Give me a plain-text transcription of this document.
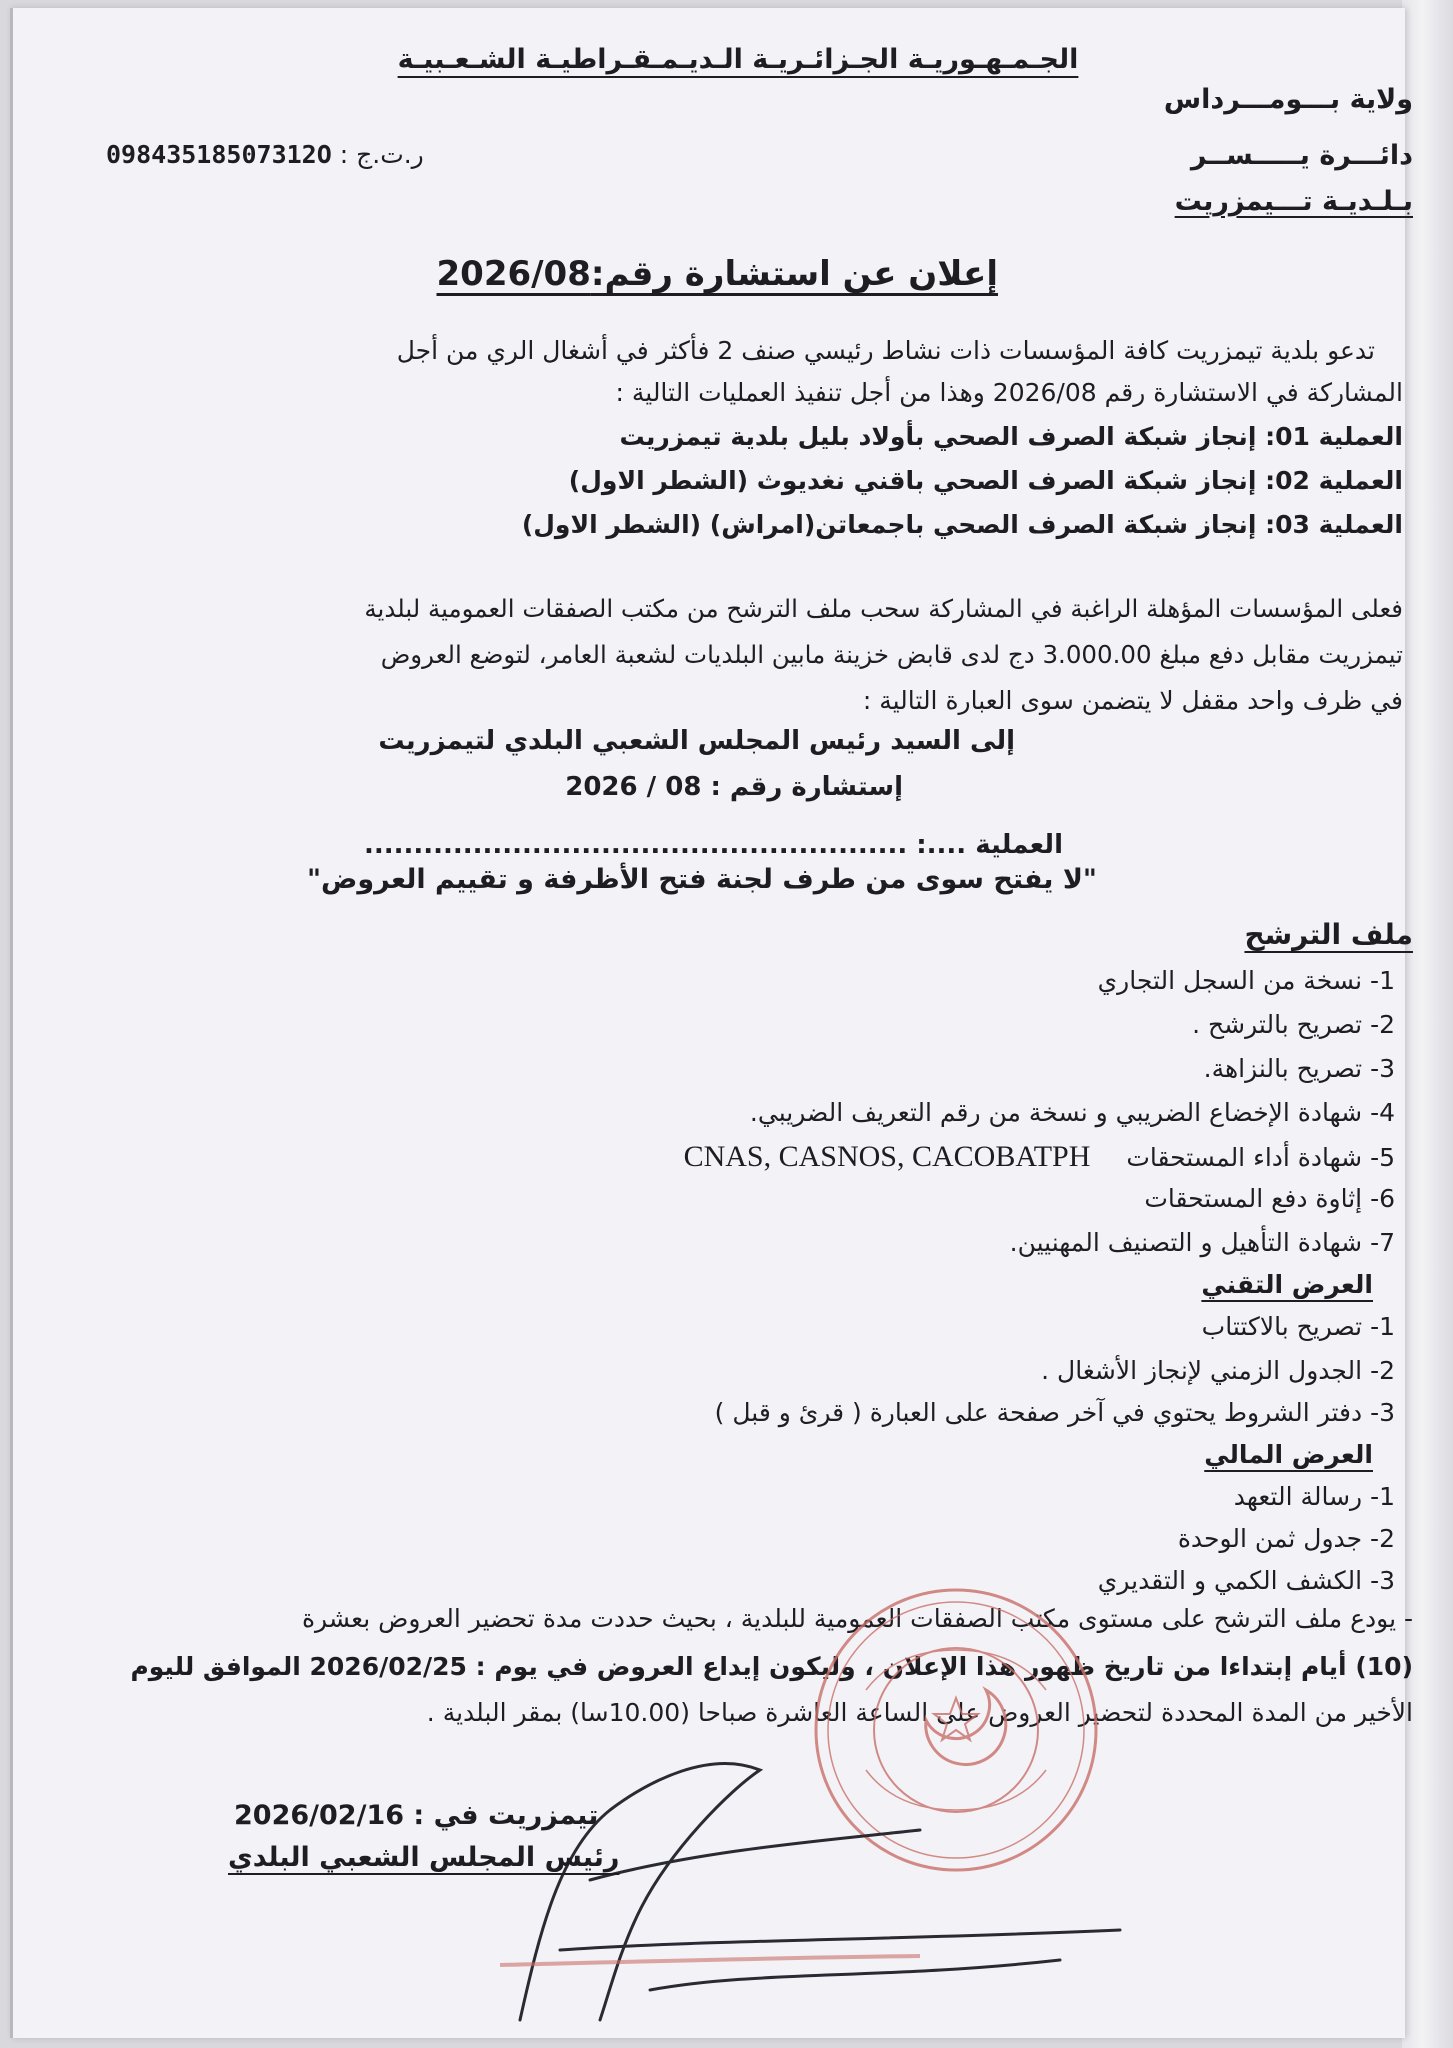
الجـمـهـوريـة الجـزائـريـة الـديـمـقـراطيـة الشـعـبيـة
ولاية بـــومـــرداس
دائـــرة يـــــســر
بـلـديـة تـــيمزريت
ر.ت.ج : 09843518507312O
إعلان عن استشارة رقم:2026/08
تدعو بلدية تيمزريت كافة المؤسسات ذات نشاط رئيسي صنف 2 فأكثر في أشغال الري من أجل
المشاركة في الاستشارة رقم 2026/08 وهذا من أجل تنفيذ العمليات التالية :
العملية 01: إنجاز شبكة الصرف الصحي بأولاد بليل بلدية تيمزريت
العملية 02: إنجاز شبكة الصرف الصحي باقني نغديوث (الشطر الاول)
العملية 03: إنجاز شبكة الصرف الصحي باجمعاتن(امراش) (الشطر الاول)
فعلى المؤسسات المؤهلة الراغبة في المشاركة سحب ملف الترشح من مكتب الصفقات العمومية لبلدية
تيمزريت مقابل دفع مبلغ 3.000.00 دج لدى قابض خزينة مابين البلديات لشعبة العامر، لتوضع العروض
في ظرف واحد مقفل لا يتضمن سوى العبارة التالية :
إلى السيد رئيس المجلس الشعبي البلدي لتيمزريت
إستشارة رقم : 08 / 2026
العملية ....: .......................................................
"لا يفتح سوى من طرف لجنة فتح الأظرفة و تقييم العروض"
ملف الترشح
1- نسخة من السجل التجاري
2- تصريح بالترشح .
3- تصريح بالنزاهة.
4- شهادة الإخضاع الضريبي و نسخة من رقم التعريف الضريبي.
5- شهادة أداء المستحقات CNAS, CASNOS, CACOBATPH
6- إثاوة دفع المستحقات
7- شهادة التأهيل و التصنيف المهنيين.
العرض التقني
1- تصريح بالاكتتاب
2- الجدول الزمني لإنجاز الأشغال .
3- دفتر الشروط يحتوي في آخر صفحة على العبارة ( قرئ و قبل )
العرض المالي
1- رسالة التعهد
2- جدول ثمن الوحدة
3- الكشف الكمي و التقديري
- يودع ملف الترشح على مستوى مكتب الصفقات العمومية للبلدية ، بحيث حددت مدة تحضير العروض بعشرة
(10) أيام إبتداءا من تاريخ ظهور هذا الإعلان ، وليكون إيداع العروض في يوم : 2026/02/25 الموافق لليوم
الأخير من المدة المحددة لتحضير العروض على الساعة العاشرة صباحا (10.00سا) بمقر البلدية .
تيمزريت في : 2026/02/16
رئيس المجلس الشعبي البلدي
